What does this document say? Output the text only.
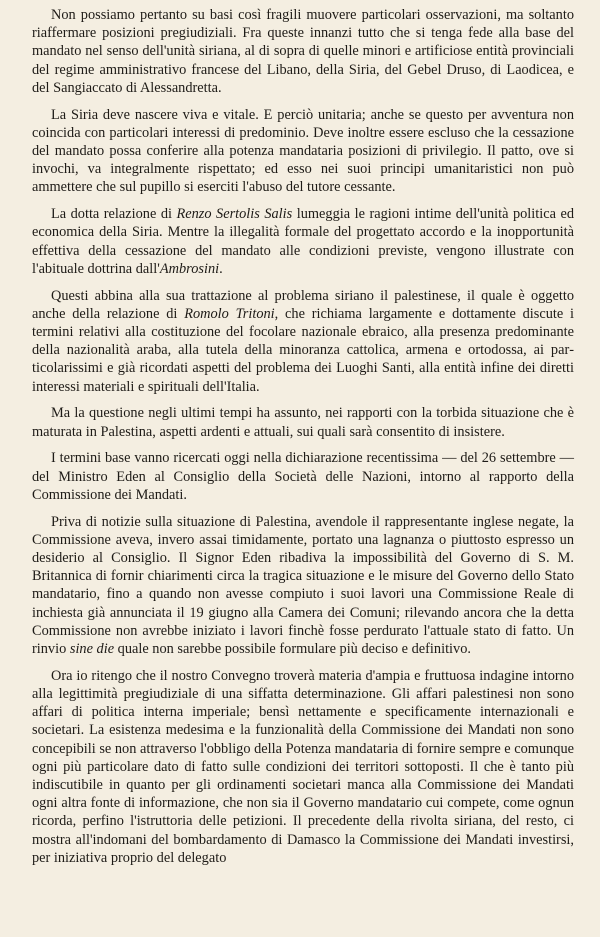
Non possiamo pertanto su basi così fragili muovere particolari osservazioni, ma soltanto riaffermare posizioni pregiudiziali. Fra queste innanzi tutto che si tenga fede alla base del mandato nel senso dell'unità siriana, al di sopra di quelle minori e artificiose entità provinciali del regime amministrativo francese del Libano, della Siria, del Gebel Druso, di Laodicea, e del Sangiaccato di Alessandretta.

La Siria deve nascere viva e vitale. E perciò unitaria; anche se questo per avventura non coincida con particolari interessi di predominio. Deve inoltre essere escluso che la cessazione del mandato possa conferire alla potenza mandataria posizioni di privilegio. Il patto, ove si invochi, va integralmente rispettato; ed esso nei suoi principi umanitaristici non può ammettere che sul pupillo si eserciti l'abuso del tutore cessante.

La dotta relazione di Renzo Sertolis Salis lumeggia le ragioni intime dell'unità politica ed economica della Siria. Mentre la illegalità formale del progettato accordo e la inopportunità effettiva della cessazione del mandato alle condizioni previste, vengono illustrate con l'abituale dottrina dall'Ambrosini.

Questi abbina alla sua trattazione al problema siriano il palestinese, il quale è oggetto anche della relazione di Romolo Tritoni, che richiama largamente e dottamente discute i termini relativi alla costituzione del focolare nazionale ebraico, alla presenza predominante della nazionalità araba, alla tutela della minoranza cattolica, armena e ortodossa, ai particolarissimi e già ricordati aspetti del problema dei Luoghi Santi, alla entità infine dei diretti interessi materiali e spirituali dell'Italia.

Ma la questione negli ultimi tempi ha assunto, nei rapporti con la torbida situazione che è maturata in Palestina, aspetti ardenti e attuali, sui quali sarà consentito di insistere.

I termini base vanno ricercati oggi nella dichiarazione recentissima — del 26 settembre — del Ministro Eden al Consiglio della Società delle Nazioni, intorno al rapporto della Commissione dei Mandati.

Priva di notizie sulla situazione di Palestina, avendole il rappresentante inglese negate, la Commissione aveva, invero assai timidamente, portato una lagnanza o piuttosto espresso un desiderio al Consiglio. Il Signor Eden ribadiva la impossibilità del Governo di S. M. Britannica di fornir chiarimenti circa la tragica situazione e le misure del Governo dello Stato mandatario, fino a quando non avesse compiuto i suoi lavori una Commissione Reale di inchiesta già annunciata il 19 giugno alla Camera dei Comuni; rilevando ancora che la detta Commissione non avrebbe iniziato i lavori finchè fosse perdurato l'attuale stato di fatto. Un rinvio sine die quale non sarebbe possibile formulare più deciso e definitivo.

Ora io ritengo che il nostro Convegno troverà materia d'ampia e fruttuosa indagine intorno alla legittimità pregiudiziale di una siffatta determinazione. Gli affari palestinesi non sono affari di politica interna imperiale; bensì nettamente e specificamente internazionali e societari. La esistenza medesima e la funzionalità della Commissione dei Mandati non sono concepibili se non attraverso l'obbligo della Potenza mandataria di fornire sempre e comunque ogni più particolare dato di fatto sulle condizioni dei territori sottoposti. Il che è tanto più indiscutibile in quanto per gli ordinamenti societari manca alla Commissione dei Mandati ogni altra fonte di informazione, che non sia il Governo mandatario cui compete, come ognun ricorda, perfino l'istruttoria delle petizioni. Il precedente della rivolta siriana, del resto, ci mostra all'indomani del bombardamento di Damasco la Commissione dei Mandati investirsi, per iniziativa proprio del delegato
